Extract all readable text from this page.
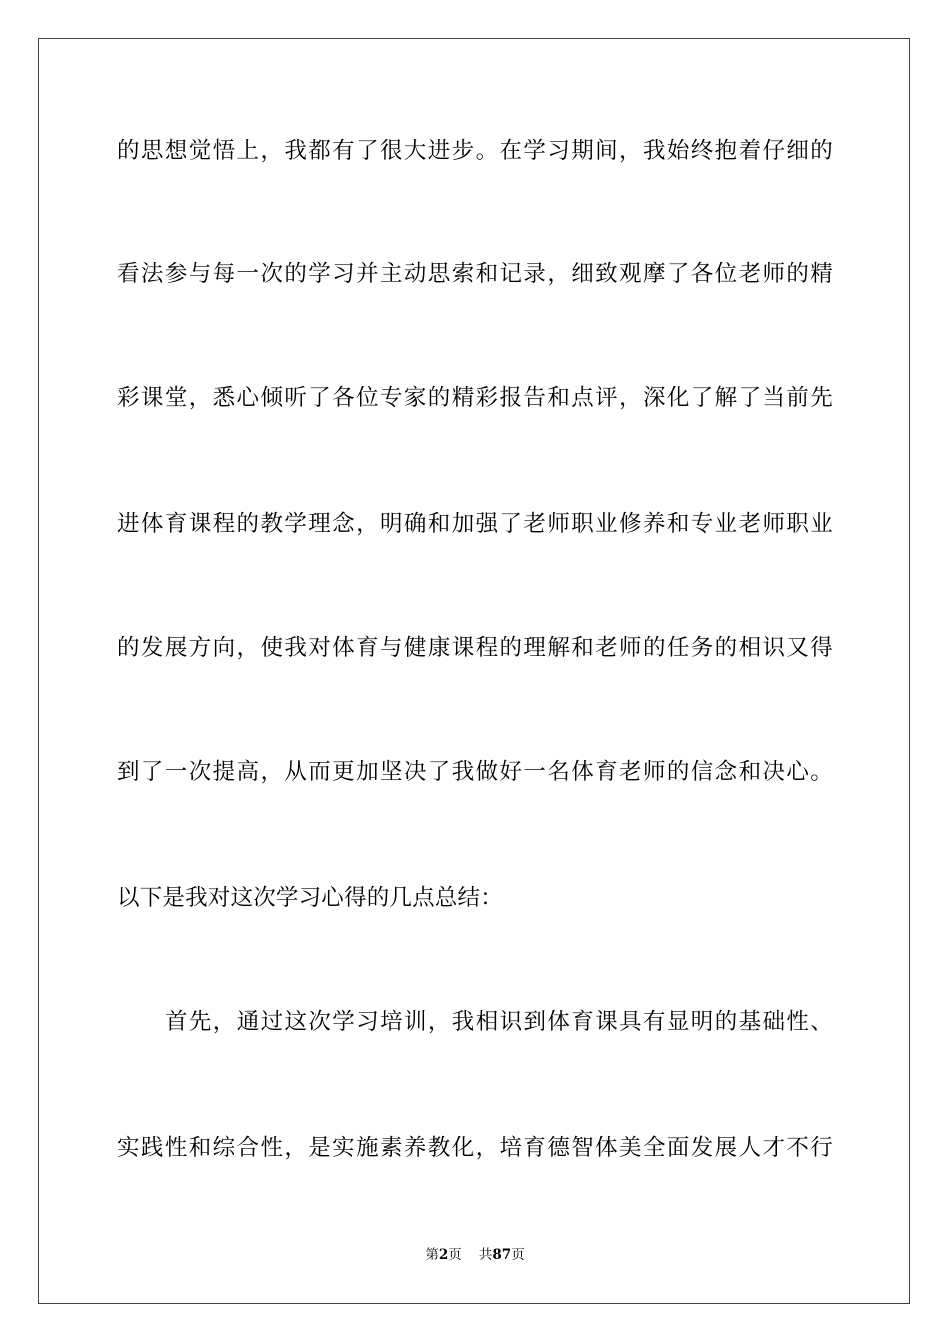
的思想觉悟上，我都有了很大进步。在学习期间，我始终抱着仔细的
看法参与每一次的学习并主动思索和记录，细致观摩了各位老师的精
彩课堂，悉心倾听了各位专家的精彩报告和点评，深化了解了当前先
进体育课程的教学理念，明确和加强了老师职业修养和专业老师职业
的发展方向，使我对体育与健康课程的理解和老师的任务的相识又得
到了一次提高，从而更加坚决了我做好一名体育老师的信念和决心。
以下是我对这次学习心得的几点总结：
首先，通过这次学习培训，我相识到体育课具有显明的基础性、
实践性和综合性，是实施素养教化，培育德智体美全面发展人才不行
第2页 共87页
